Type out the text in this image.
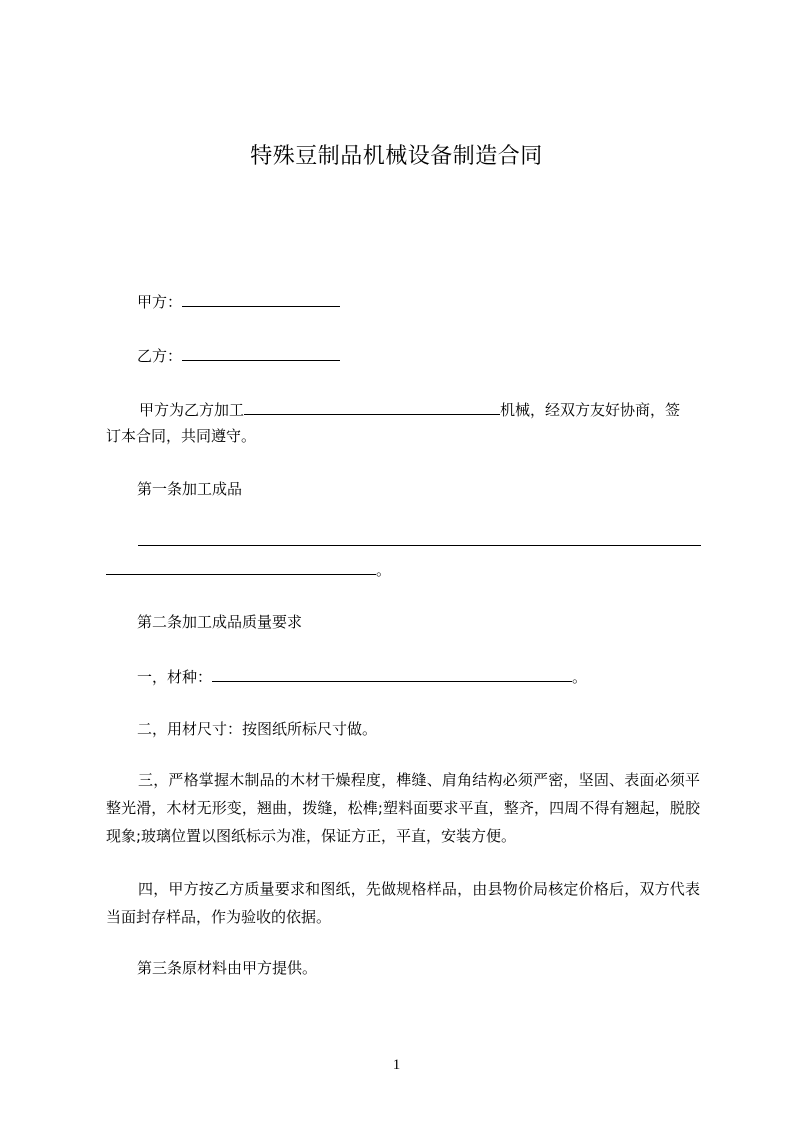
特殊豆制品机械设备制造合同
甲方：
乙方：
甲方为乙方加工	机械，经双方友好协商，签
订本合同，共同遵守。
第一条加工成品
。
第二条加工成品质量要求
一，材种：	。
二，用材尺寸：按图纸所标尺寸做。
三，严格掌握木制品的木材干燥程度，榫缝、肩角结构必须严密，坚固、表面必须平整光滑，木材无形变，翘曲，拨缝，松榫;塑料面要求平直，整齐，四周不得有翘起，脱胶现象;玻璃位置以图纸标示为准，保证方正，平直，安装方便。
四，甲方按乙方质量要求和图纸，先做规格样品，由县物价局核定价格后，双方代表当面封存样品，作为验收的依据。
第三条原材料由甲方提供。
1
